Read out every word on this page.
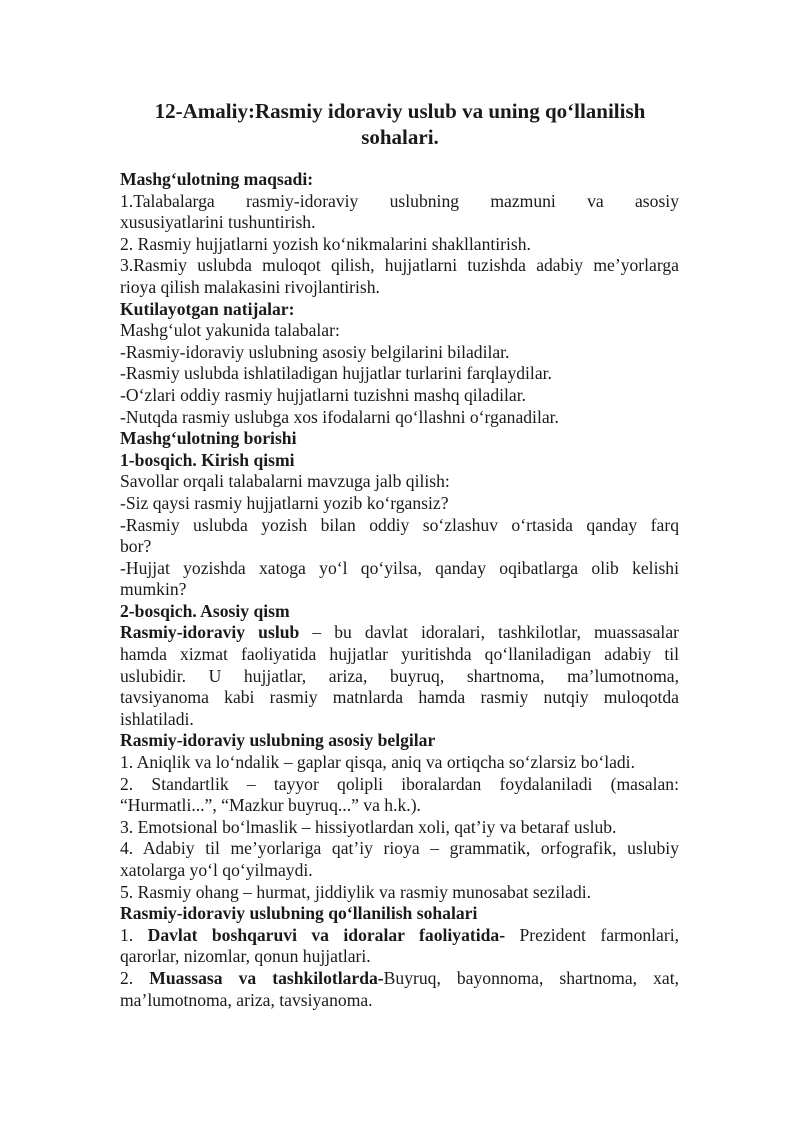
12-Amaliy:Rasmiy idoraviy uslub va uning qo‘llanilish

sohalari.

Mashg‘ulotning maqsadi:

1.Talabalarga rasmiy-idoraviy uslubning mazmuni va asosiy

xususiyatlarini tushuntirish.

2. Rasmiy hujjatlarni yozish ko‘nikmalarini shakllantirish.

3.Rasmiy uslubda muloqot qilish, hujjatlarni tuzishda adabiy me’yorlarga

rioya qilish malakasini rivojlantirish.

Kutilayotgan natijalar:

Mashg‘ulot yakunida talabalar:

-Rasmiy-idoraviy uslubning asosiy belgilarini biladilar.

-Rasmiy uslubda ishlatiladigan hujjatlar turlarini farqlaydilar.

-O‘zlari oddiy rasmiy hujjatlarni tuzishni mashq qiladilar.

-Nutqda rasmiy uslubga xos ifodalarni qo‘llashni o‘rganadilar.

Mashg‘ulotning borishi

1-bosqich. Kirish qismi

Savollar orqali talabalarni mavzuga jalb qilish:

-Siz qaysi rasmiy hujjatlarni yozib ko‘rgansiz?

-Rasmiy uslubda yozish bilan oddiy so‘zlashuv o‘rtasida qanday farq

bor?

-Hujjat yozishda xatoga yo‘l qo‘yilsa, qanday oqibatlarga olib kelishi

mumkin?

2-bosqich. Asosiy qism

Rasmiy-idoraviy uslub – bu davlat idoralari, tashkilotlar, muassasalar

hamda xizmat faoliyatida hujjatlar yuritishda qo‘llaniladigan adabiy til

uslubidir. U hujjatlar, ariza, buyruq, shartnoma, ma’lumotnoma,

tavsiyanoma kabi rasmiy matnlarda hamda rasmiy nutqiy muloqotda

ishlatiladi.

Rasmiy-idoraviy uslubning asosiy belgilar

1. Aniqlik va lo‘ndalik – gaplar qisqa, aniq va ortiqcha so‘zlarsiz bo‘ladi.

2. Standartlik – tayyor qolipli iboralardan foydalaniladi (masalan:

“Hurmatli...”, “Mazkur buyruq...” va h.k.).

3. Emotsional bo‘lmaslik – hissiyotlardan xoli, qat’iy va betaraf uslub.

4. Adabiy til me’yorlariga qat’iy rioya – grammatik, orfografik, uslubiy

xatolarga yo‘l qo‘yilmaydi.

5. Rasmiy ohang – hurmat, jiddiylik va rasmiy munosabat seziladi.

Rasmiy-idoraviy uslubning qo‘llanilish sohalari

1. Davlat boshqaruvi va idoralar faoliyatida- Prezident farmonlari,

qarorlar, nizomlar, qonun hujjatlari.

2. Muassasa va tashkilotlarda-Buyruq, bayonnoma, shartnoma, xat,

ma’lumotnoma, ariza, tavsiyanoma.
